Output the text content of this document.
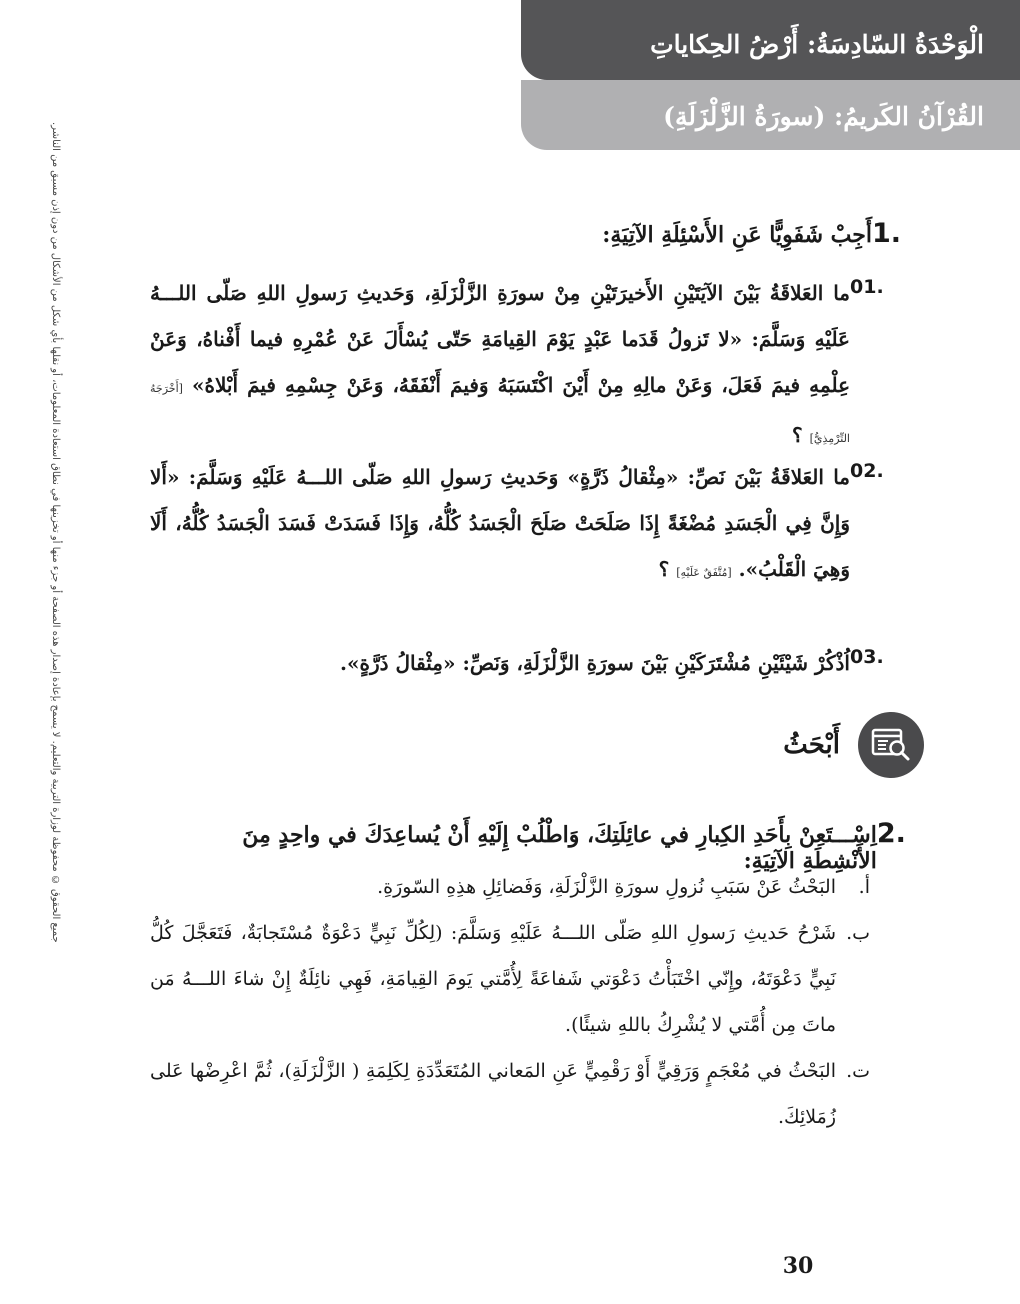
الْوَحْدَةُ السّادِسَةُ: أَرْضُ الحِكاياتِ
القُرْآنُ الكَريمُ: (سورَةُ الزَّلْزَلَةِ)
جميع الحقوق © محفوظة لوزارة التربية والتعليم. لا يسمح بإعادة إصدار هذه الصفحة أو جزء منها أو تخزينها في نطاق استعادة المعلومات، أو نقلها بأي شكل من الأشكال من دون إذن مسبق من الناشر.	1.
أَجِبْ شَفَوِيًّا عَنِ الأَسْئِلَةِ الآتِيَةِ:
01.
ما العَلاقَةُ بَيْنَ الآيَتَيْنِ الأَخيرَتَيْنِ مِنْ سورَةِ الزَّلْزَلَةِ، وَحَديثِ رَسولِ اللهِ صَلّى اللـــهُ عَلَيْهِ وَسَلَّمَ: «لا تَزولُ قَدَما عَبْدٍ يَوْمَ القِيامَةِ حَتّى يُسْأَلَ عَنْ عُمْرِهِ فيما أَفْناهُ، وَعَنْ عِلْمِهِ فيمَ فَعَلَ، وَعَنْ مالِهِ مِنْ أَيْنَ اكْتَسَبَهُ وَفيمَ أَنْفَقَهُ، وَعَنْ جِسْمِهِ فيمَ أَبْلاهُ» [أَخْرَجَهُ التِّرْمِذِيُّ] ؟
02.
ما العَلاقَةُ بَيْنَ نَصِّ: «مِثْقالُ ذَرَّةٍ» وَحَديثِ رَسولِ اللهِ صَلّى اللـــهُ عَلَيْهِ وَسَلَّمَ: «أَلا وَإِنَّ فِي الْجَسَدِ مُضْغَةً إِذَا صَلَحَتْ صَلَحَ الْجَسَدُ كُلُّهُ، وَإِذَا فَسَدَتْ فَسَدَ الْجَسَدُ كُلُّهُ، أَلَا وَهِيَ الْقَلْبُ». [مُتَّفَقٌ عَلَيْهِ] ؟
03.
اُذْكُرْ شَيْئَيْنِ مُشْتَرَكَيْنِ بَيْنَ سورَةِ الزَّلْزَلَةِ، وَنَصِّ: «مِثْقالُ ذَرَّةٍ».
أَبْحَثُ
2.
اِسْـــتَعِنْ بِأَحَدِ الكِبارِ في عائِلَتِكَ، وَاطْلُبْ إِلَيْهِ أَنْ يُساعِدَكَ في واحِدٍ مِنَ الأَنْشِطَةِ الآتِيَةِ:
أ.
البَحْثُ عَنْ سَبَبِ نُزولِ سورَةِ الزَّلْزَلَةِ، وَفَضائِلِ هذِهِ السّورَةِ.
ب.
شَرْحُ حَديثِ رَسولِ اللهِ صَلّى اللـــهُ عَلَيْهِ وَسَلَّمَ: (لِكُلِّ نَبِيٍّ دَعْوَةٌ مُسْتَجابَةٌ، فَتَعَجَّلَ كُلُّ نَبِيٍّ دَعْوَتَهُ، وإِنّي اخْتَبَأْتُ دَعْوَتي شَفاعَةً لِأُمَّتي يَومَ القِيامَةِ، فَهِي نائِلَةٌ إِنْ شاءَ اللـــهُ مَن ماتَ مِن أُمَّتي لا يُشْرِكُ باللهِ شيئًا).
ت.
البَحْثُ في مُعْجَمٍ وَرَقِيٍّ أَوْ رَقْمِيٍّ عَنِ المَعاني المُتَعَدِّدَةِ لِكَلِمَةِ ( الزَّلْزَلَةِ)، ثُمَّ اعْرِضْها عَلى زُمَلائِكَ.
30
